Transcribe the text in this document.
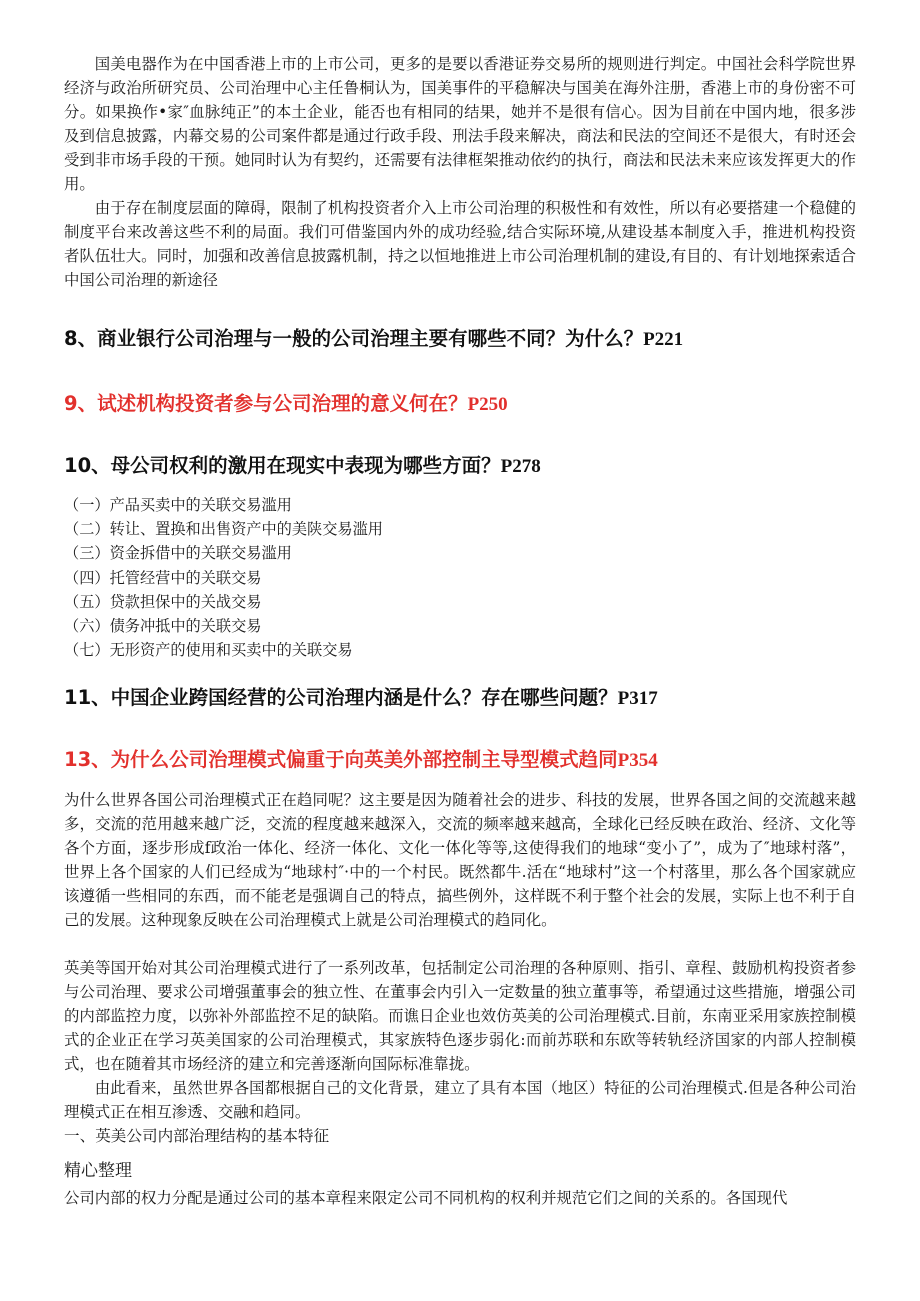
国美电器作为在中国香港上市的上市公司，更多的是要以香港证券交易所的规则进行判定。中国社会科学院世界经济与政治所研究员、公司治理中心主任鲁桐认为，国美事件的平稳解决与国美在海外注册，香港上市的身份密不可分。如果换作•家″血脉纯正”的本土企业，能否也有相同的结果，她并不是很有信心。因为目前在中国内地，很多涉及到信息披露，内幕交易的公司案件都是通过行政手段、刑法手段来解决，商法和民法的空间还不是很大，有时还会受到非市场手段的干预。她同时认为有契约，还需要有法律框架推动依约的执行，商法和民法未来应该发挥更大的作用。

由于存在制度层面的障碍，限制了机构投资者介入上市公司治理的积极性和有效性，所以有必要搭建一个稳健的制度平台来改善这些不利的局面。我们可借鉴国内外的成功经验,结合实际环境,从建设基本制度入手，推进机构投资者队伍壮大。同时，加强和改善信息披露机制，持之以恒地推进上市公司治理机制的建设,有目的、有计划地探索适合中国公司治理的新途径

8、商业银行公司治理与一般的公司治理主要有哪些不同？为什么？P221
9、试述机构投资者参与公司治理的意义何在？P250
10、母公司权利的激用在现实中表现为哪些方面？P278
（一）产品买卖中的关联交易滥用
（二）转让、置换和出售资产中的美陕交易滥用
（三）资金拆借中的关联交易滥用
（四）托管经营中的关联交易
（五）贷款担保中的关战交易
（六）债务冲抵中的关联交易
（七）无形资产的使用和买卖中的关联交易
11、中国企业跨国经营的公司治理内涵是什么？存在哪些问题？P317
13、为什么公司治理模式偏重于向英美外部控制主导型模式趋同P354

为什么世界各国公司治理模式正在趋同呢？这主要是因为随着社会的进步、科技的发展，世界各国之间的交流越来越多，交流的范用越来越广泛，交流的程度越来越深入，交流的频率越来越高，全球化已经反映在政治、经济、文化等各个方面，逐步形成f政治一体化、经济一体化、文化一体化等等,这使得我们的地球“变小了”，成为了″地球村落”，世界上各个国家的人们已经成为“地球村″·中的一个村民。既然都牛.活在“地球村”这一个村落里，那么各个国家就应该遵循一些相同的东西，而不能老是强调自己的特点，搞些例外，这样既不利于整个社会的发展，实际上也不利于自己的发展。这种现象反映在公司治理模式上就是公司治理模式的趋同化。

英美等国开始对其公司治理模式进行了一系列改革，包括制定公司治理的各种原则、指引、章程、鼓励机构投资者参与公司治理、要求公司增强董事会的独立性、在董事会内引入一定数量的独立董事等，希望通过这些措施，增强公司的内部监控力度，以弥补外部监控不足的缺陷。而谯日企业也效仿英美的公司治理模式.目前，东南亚采用家族控制模式的企业正在学习英美国家的公司治理模式，其家族特色逐步弱化:而前苏联和东欧等转轨经济国家的内部人控制模式，也在随着其市场经济的建立和完善逐渐向国际标准靠拢。

由此看来，虽然世界各国都根据自己的文化背景，建立了具有本国（地区）特征的公司治理模式.但是各种公司治理模式正在相互渗透、交融和趋同。

一、英美公司内部治理结构的基本特征

精心整理

公司内部的权力分配是通过公司的基本章程来限定公司不同机构的权利并规范它们之间的关系的。各国现代
